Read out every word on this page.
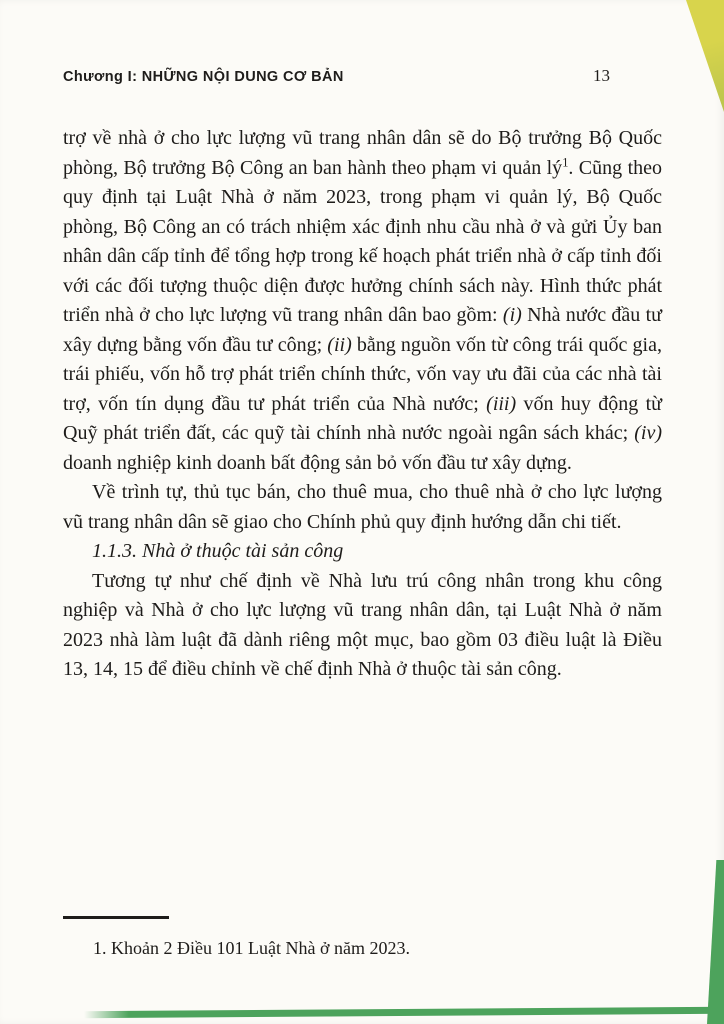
Chương I: NHỮNG NỘI DUNG CƠ BẢN	13

trợ về nhà ở cho lực lượng vũ trang nhân dân sẽ do Bộ trưởng Bộ Quốc phòng, Bộ trưởng Bộ Công an ban hành theo phạm vi quản $lý^1$. Cũng theo quy định tại Luật Nhà ở năm 2023, trong phạm vi quản lý, Bộ Quốc phòng, Bộ Công an có trách nhiệm xác định nhu cầu nhà ở và gửi Ủy ban nhân dân cấp tỉnh để tổng hợp trong kế hoạch phát triển nhà ở cấp tỉnh đối với các đối tượng thuộc diện được hưởng chính sách này. Hình thức phát triển nhà ở cho lực lượng vũ trang nhân dân bao gồm: (i) Nhà nước đầu tư xây dựng bằng vốn đầu tư công; (ii) bằng nguồn vốn từ công trái quốc gia, trái phiếu, vốn hỗ trợ phát triển chính thức, vốn vay ưu đãi của các nhà tài trợ, vốn tín dụng đầu tư phát triển của Nhà nước; (iii) vốn huy động từ Quỹ phát triển đất, các quỹ tài chính nhà nước ngoài ngân sách khác; (iv) doanh nghiệp kinh doanh bất động sản bỏ vốn đầu tư xây dựng.

Về trình tự, thủ tục bán, cho thuê mua, cho thuê nhà ở cho lực lượng vũ trang nhân dân sẽ giao cho Chính phủ quy định hướng dẫn chi tiết.

1.1.3. Nhà ở thuộc tài sản công

Tương tự như chế định về Nhà lưu trú công nhân trong khu công nghiệp và Nhà ở cho lực lượng vũ trang nhân dân, tại Luật Nhà ở năm 2023 nhà làm luật đã dành riêng một mục, bao gồm 03 điều luật là Điều 13, 14, 15 để điều chỉnh về chế định Nhà ở thuộc tài sản công.

1. Khoản 2 Điều 101 Luật Nhà ở năm 2023.
